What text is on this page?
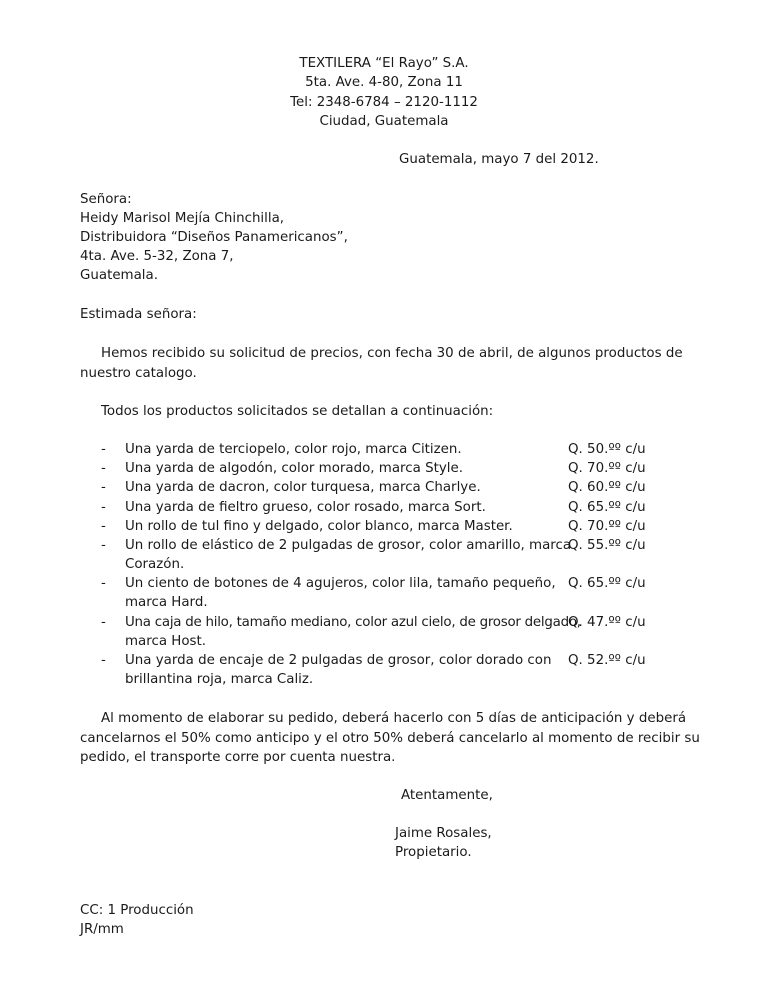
TEXTILERA “El Rayo” S.A.
5ta. Ave. 4-80, Zona 11
Tel: 2348-6784 – 2120-1112
Ciudad, Guatemala
Guatemala, mayo 7 del 2012.
Señora:
Heidy Marisol Mejía Chinchilla,
Distribuidora “Diseños Panamericanos”,
4ta. Ave. 5-32, Zona 7,
Guatemala.
Estimada señora:
Hemos recibido su solicitud de precios, con fecha 30 de abril, de algunos productos de nuestro catalogo.
Todos los productos solicitados se detallan a continuación:
- Una yarda de terciopelo, color rojo, marca Citizen.	Q. 50.ºº c/u
- Una yarda de algodón, color morado, marca Style.	Q. 70.ºº c/u
- Una yarda de dacron, color turquesa, marca Charlye.	Q. 60.ºº c/u
- Una yarda de fieltro grueso, color rosado, marca Sort.	Q. 65.ºº c/u
- Un rollo de tul fino y delgado, color blanco, marca Master.	Q. 70.ºº c/u
- Un rollo de elástico de 2 pulgadas de grosor, color amarillo, marca
Corazón.
Q. 55.ºº c/u
- Un ciento de botones de 4 agujeros, color lila, tamaño pequeño,
marca Hard.
Q. 65.ºº c/u
- Una caja de hilo, tamaño mediano, color azul cielo, de grosor delgado,
marca Host.
Q. 47.ºº c/u
- Una yarda de encaje de 2 pulgadas de grosor, color dorado con
brillantina roja, marca Caliz.
Q. 52.ºº c/u
Al momento de elaborar su pedido, deberá hacerlo con 5 días de anticipación y deberá cancelarnos el 50% como anticipo y el otro 50% deberá cancelarlo al momento de recibir su pedido, el transporte corre por cuenta nuestra.
Atentamente,
Jaime Rosales,
Propietario.
CC: 1 Producción
JR/mm
